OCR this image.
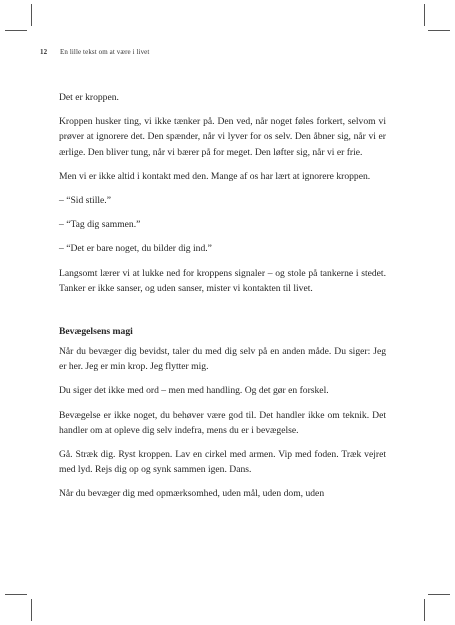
12 En lille tekst om at være i livet

Det er kroppen.

Kroppen husker ting, vi ikke tænker på. Den ved, når noget føles forkert, selvom vi prøver at ignorere det. Den spænder, når vi lyver for os selv. Den åbner sig, når vi er ærlige. Den bliver tung, når vi bærer på for meget. Den løfter sig, når vi er frie.

Men vi er ikke altid i kontakt med den. Mange af os har lært at ignorere kroppen.

– “Sid stille.”

– “Tag dig sammen.”

– “Det er bare noget, du bilder dig ind.”

Langsomt lærer vi at lukke ned for kroppens signaler – og stole på tankerne i stedet. Tanker er ikke sanser, og uden sanser, mister vi kontakten til livet.

Bevægelsens magi

Når du bevæger dig bevidst, taler du med dig selv på en anden måde. Du siger: Jeg er her. Jeg er min krop. Jeg flytter mig.

Du siger det ikke med ord – men med handling. Og det gør en forskel.

Bevægelse er ikke noget, du behøver være god til. Det handler ikke om teknik. Det handler om at opleve dig selv indefra, mens du er i bevægelse.

Gå. Stræk dig. Ryst kroppen. Lav en cirkel med armen. Vip med foden. Træk vejret med lyd. Rejs dig op og synk sammen igen. Dans.

Når du bevæger dig med opmærksomhed, uden mål, uden dom, uden
